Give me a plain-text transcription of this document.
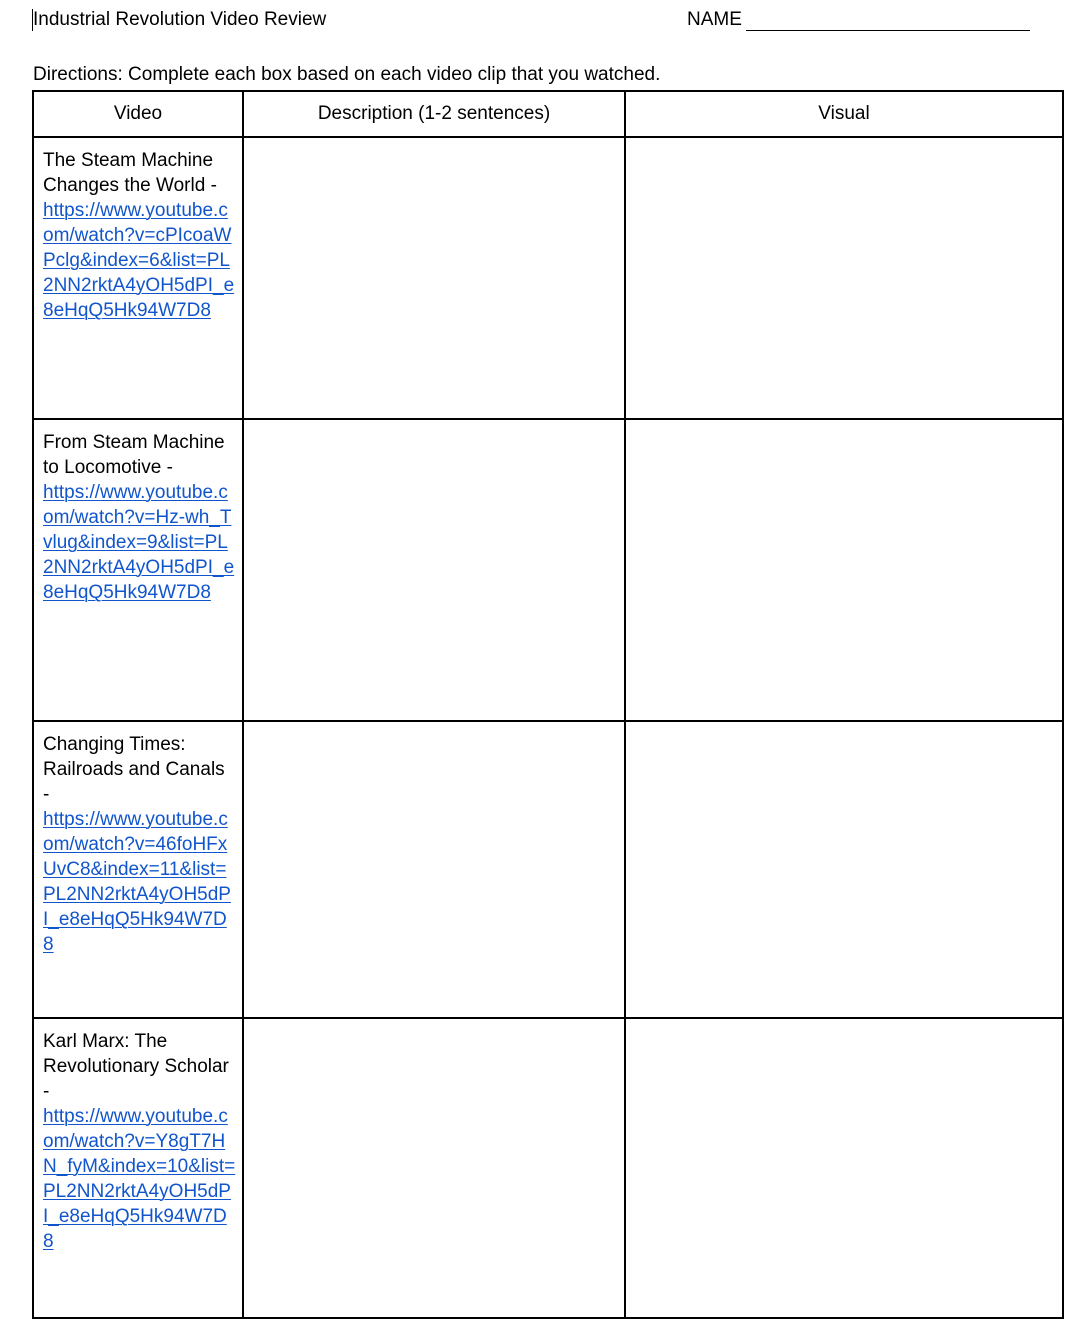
Industrial Revolution Video Review	NAME
Directions: Complete each box based on each video clip that you watched.
Video	Description (1-2 sentences)	Visual

The Steam Machine Changes the World -
https://www.youtube.com/watch?v=cPIcoaWPclg&index=6&list=PL2NN2rktA4yOH5dPI_e8eHqQ5Hk94W7D8		

From Steam Machine to Locomotive -
https://www.youtube.com/watch?v=Hz-wh_Tvlug&index=9&list=PL2NN2rktA4yOH5dPI_e8eHqQ5Hk94W7D8		

Changing Times: Railroads and Canals -
https://www.youtube.com/watch?v=46foHFxUvC8&index=11&list=PL2NN2rktA4yOH5dPI_e8eHqQ5Hk94W7D8		

Karl Marx: The Revolutionary Scholar -
https://www.youtube.com/watch?v=Y8gT7HN_fyM&index=10&list=PL2NN2rktA4yOH5dPI_e8eHqQ5Hk94W7D8		
